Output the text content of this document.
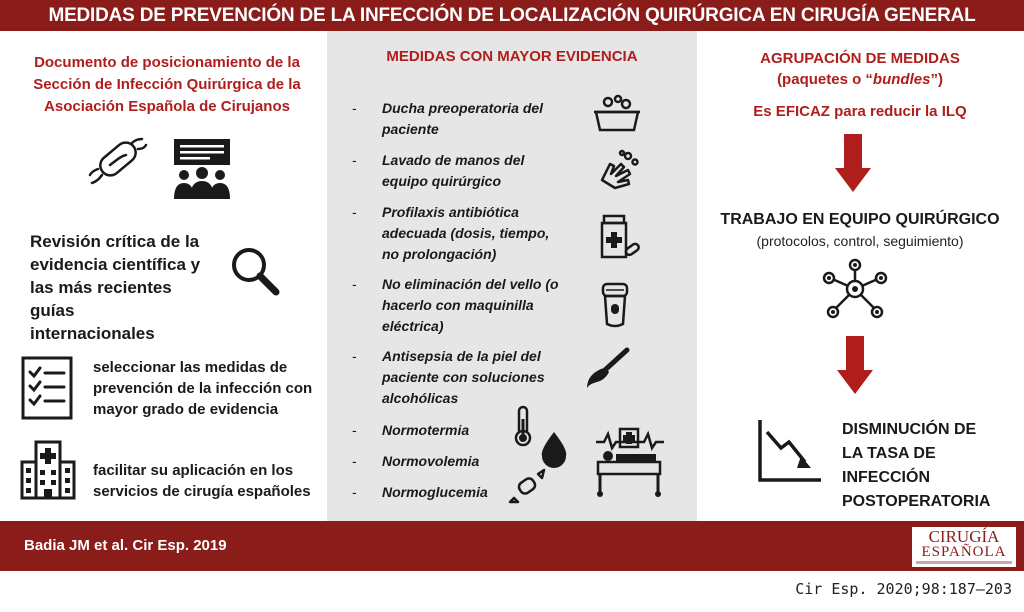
MEDIDAS DE PREVENCIÓN DE LA INFECCIÓN DE LOCALIZACIÓN QUIRÚRGICA EN CIRUGÍA GENERAL
Documento de posicionamiento de la
Sección de Infección Quirúrgica de la
Asociación Española de Cirujanos
Revisión crítica de la
evidencia científica y
las más recientes guías
internacionales
seleccionar las medidas de
prevención de la infección con
mayor grado de evidencia
facilitar su aplicación en los
servicios de cirugía españoles
MEDIDAS CON MAYOR EVIDENCIA
- Ducha preoperatoria del
paciente
- Lavado de manos del
equipo quirúrgico
- Profilaxis antibiótica
adecuada (dosis, tiempo,
no prolongación)
- No eliminación del vello (o
hacerlo con maquinilla
eléctrica)
- Antisepsia de la piel del
paciente con soluciones
alcohólicas
- Normotermia
- Normovolemia
- Normoglucemia
AGRUPACIÓN DE MEDIDAS
(paquetes o “bundles”)
Es EFICAZ para reducir la ILQ
TRABAJO EN EQUIPO QUIRÚRGICO
(protocolos, control, seguimiento)
DISMINUCIÓN DE
LA TASA DE
INFECCIÓN
POSTOPERATORIA
Badia JM et al. Cir Esp. 2019	CIRUGÍA
ESPAÑOLA
Cir Esp. 2020;98:187–203
